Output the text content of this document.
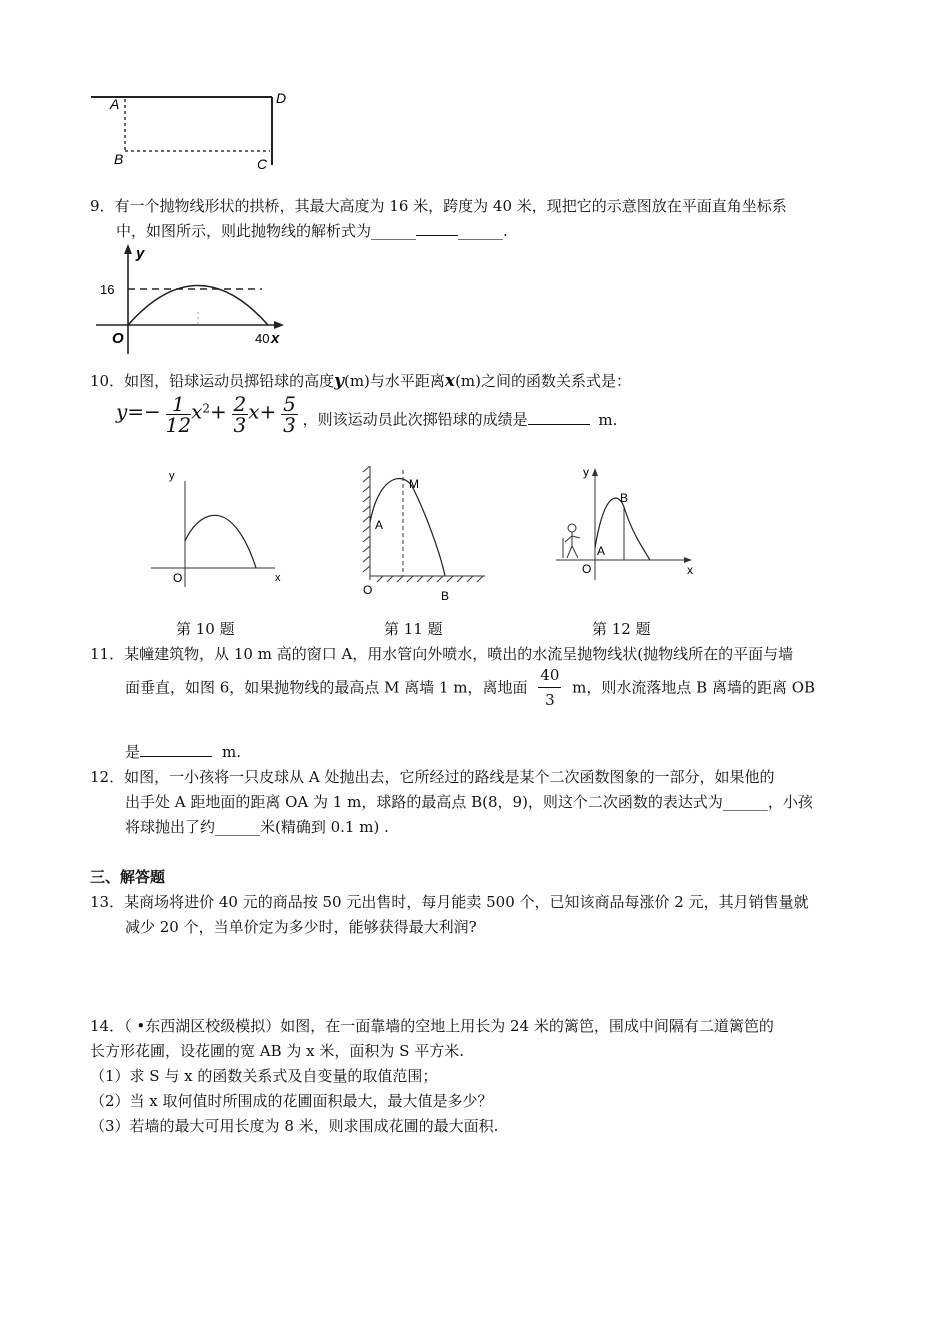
A	D
B	C
9．有一个抛物线形状的拱桥，其最大高度为 16 米，跨度为 40 米，现把它的示意图放在平面直角坐标系
中，如图所示，则此抛物线的解析式为______	______.
y
16
O	40 x
10．如图，铅球运动员掷铅球的高度y(m)与水平距离x(m)之间的函数关系式是：
$y=- \frac{1}{12} x^2+ \frac{2}{3} x+ \frac{5}{3}$ ，则该运动员此次掷铅球的成绩是	m.
y
O	x
第 10 题
M
A
O	B
第 11 题
y
B
A
O	x
第 12 题
11．某幢建筑物，从 10 m 高的窗口 A，用水管向外喷水，喷出的水流呈抛物线状(抛物线所在的平面与墙
面垂直，如图 6，如果抛物线的最高点 M 离墙 1 m，离地面 $\frac{40}{3}$ m，则水流落地点 B 离墙的距离 OB
是	m.
12．如图，一小孩将一只皮球从 A 处抛出去，它所经过的路线是某个二次函数图象的一部分，如果他的
出手处 A 距地面的距离 OA 为 1 m，球路的最高点 B(8，9)，则这个二次函数的表达式为______，小孩
将球抛出了约______米(精确到 0.1 m) .
三、解答题
13．某商场将进价 40 元的商品按 50 元出售时，每月能卖 500 个，已知该商品每涨价 2 元，其月销售量就
减少 20 个，当单价定为多少时，能够获得最大利润?
14．（ •东西湖区校级模拟）如图，在一面靠墙的空地上用长为 24 米的篱笆，围成中间隔有二道篱笆的
长方形花圃，设花圃的宽 AB 为 x 米，面积为 S 平方米.
（1）求 S 与 x 的函数关系式及自变量的取值范围；
（2）当 x 取何值时所围成的花圃面积最大，最大值是多少？
（3）若墙的最大可用长度为 8 米，则求围成花圃的最大面积.
